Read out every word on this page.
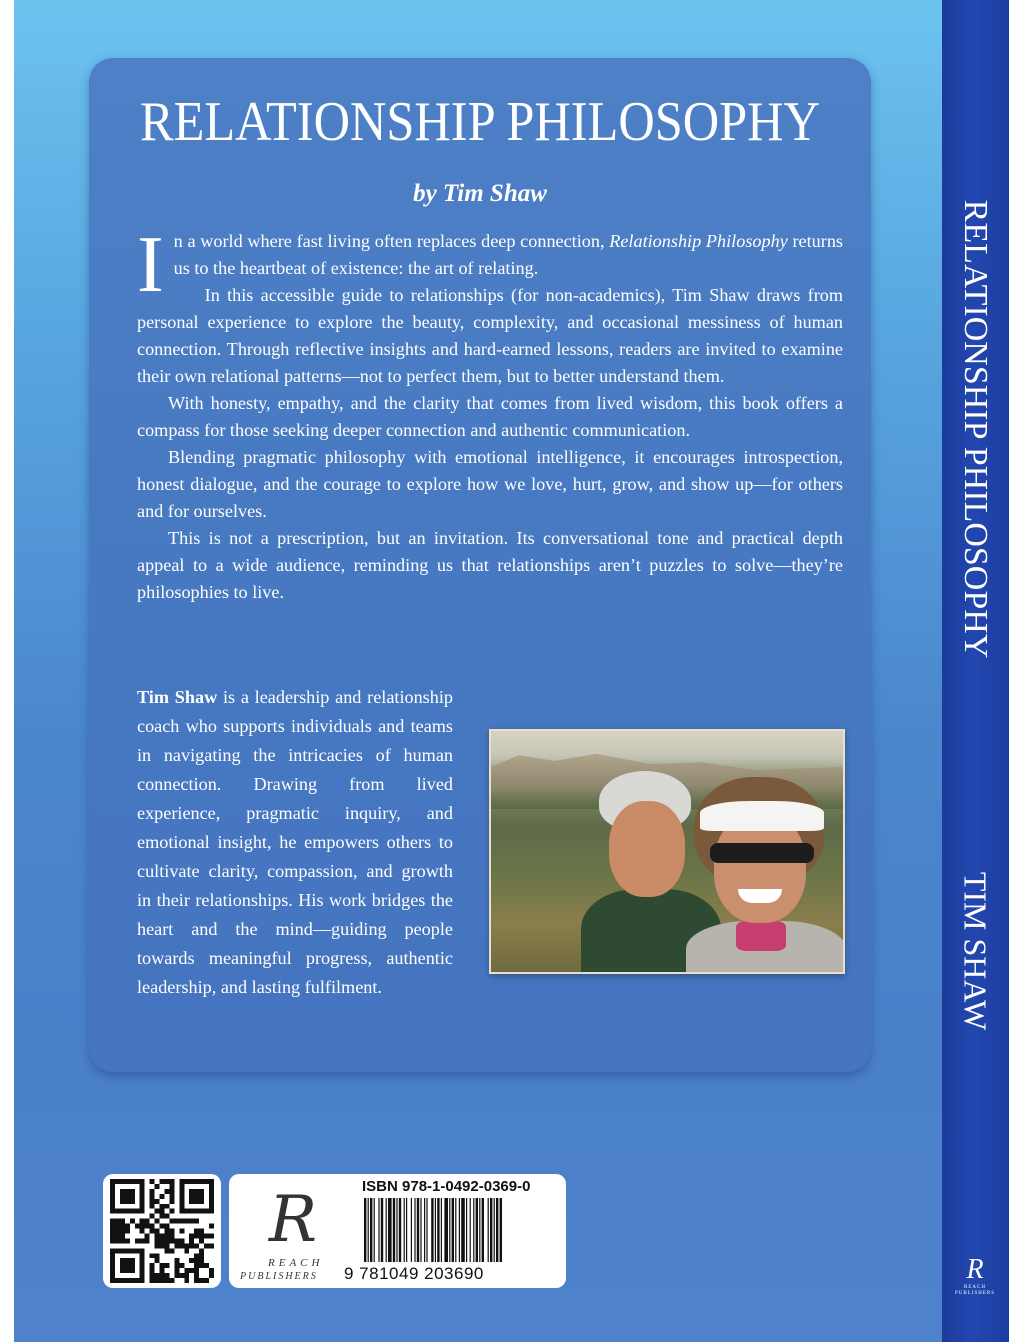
RELATIONSHIP PHILOSOPHY
by Tim Shaw

In a world where fast living often replaces deep connection, Relationship Philosophy returns us to the heartbeat of existence: the art of relating.

In this accessible guide to relationships (for non-academics), Tim Shaw draws from personal experience to explore the beauty, complexity, and occasional messiness of human connection. Through reflective insights and hard-earned lessons, readers are invited to examine their own relational patterns—not to perfect them, but to better understand them.

With honesty, empathy, and the clarity that comes from lived wisdom, this book offers a compass for those seeking deeper connection and authentic communication.

Blending pragmatic philosophy with emotional intelligence, it encourages introspection, honest dialogue, and the courage to explore how we love, hurt, grow, and show up—for others and for ourselves.

This is not a prescription, but an invitation. Its conversational tone and practical depth appeal to a wide audience, reminding us that relationships aren’t puzzles to solve—they’re philosophies to live.

Tim Shaw is a leadership and relationship coach who supports individuals and teams in navigating the intricacies of human connection. Drawing from lived experience, pragmatic inquiry, and emotional insight, he empowers others to cultivate clarity, compassion, and growth in their relationships. His work bridges the heart and the mind—guiding people towards meaningful progress, authentic leadership, and lasting fulfilment.
RELATIONSHIP PHILOSOPHY
TIM SHAW
R
REACH PUBLISHERS
R
REACH
PUBLISHERS
ISBN 978-1-0492-0369-0
9 781049 203690
